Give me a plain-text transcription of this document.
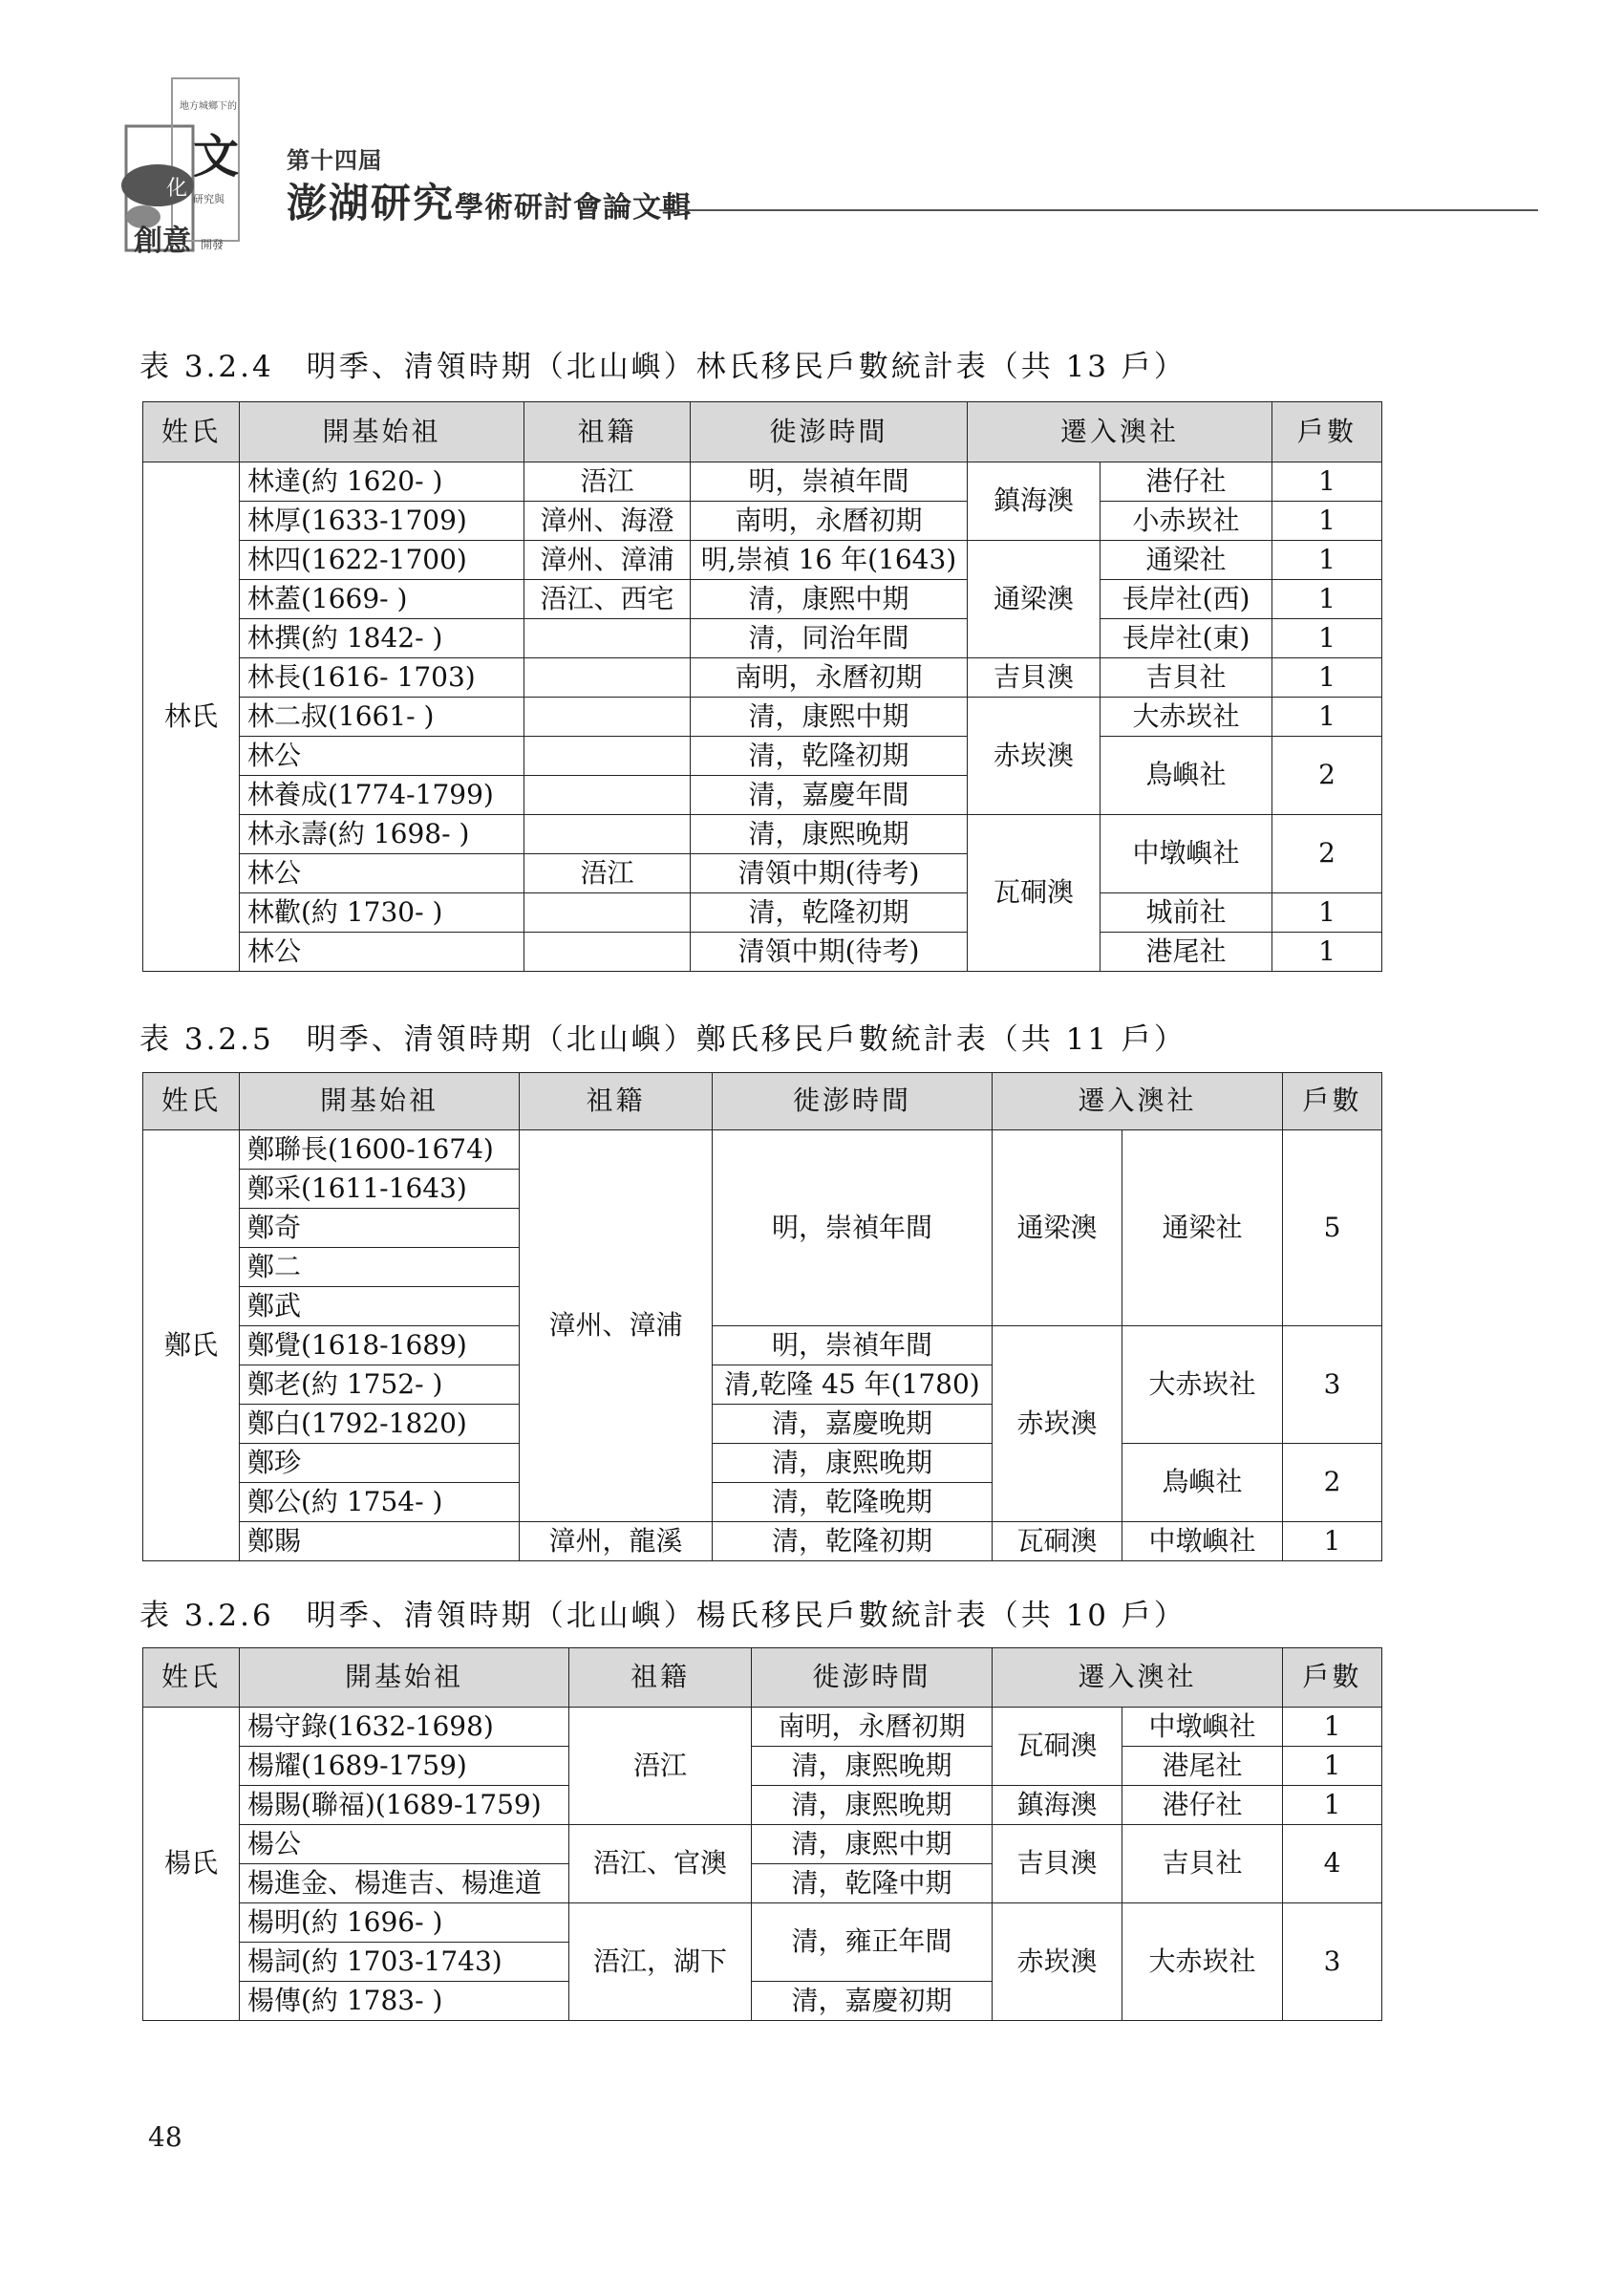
地方城鄉下的
文
化 研究與
創意 開發
第十四屆
澎湖研究學術研討會論文輯
表 3.2.4　明季、清領時期（北山嶼）林氏移民戶數統計表（共 13 戶）
姓氏	開基始祖	祖籍	徙澎時間	遷入澳社		戶數
林氏	林達(約 1620- )	浯江	明，崇禎年間	鎮海澳	港仔社	1
	林厚(1633-1709)	漳州、海澄	南明，永曆初期		小赤崁社	1
	林四(1622-1700)	漳州、漳浦	明,崇禎 16 年(1643)	通梁澳	通梁社	1
	林蓋(1669- )	浯江、西宅	清，康熙中期		長岸社(西)	1
	林撰(約 1842- )		清，同治年間		長岸社(東)	1
	林長(1616- 1703)		南明，永曆初期	吉貝澳	吉貝社	1
	林二叔(1661- )		清，康熙中期	赤崁澳	大赤崁社	1
	林公		清，乾隆初期		鳥嶼社	2
	林養成(1774-1799)		清，嘉慶年間			
	林永壽(約 1698- )		清，康熙晚期	瓦硐澳	中墩嶼社	2
	林公	浯江	清領中期(待考)			
	林歡(約 1730- )		清，乾隆初期		城前社	1
	林公		清領中期(待考)		港尾社	1
表 3.2.5　明季、清領時期（北山嶼）鄭氏移民戶數統計表（共 11 戶）
姓氏	開基始祖	祖籍	徙澎時間	遷入澳社		戶數
鄭氏	鄭聯長(1600-1674)	漳州、漳浦	明，崇禎年間	通梁澳	通梁社	5
	鄭采(1611-1643)					
	鄭奇					
	鄭二					
	鄭武					
	鄭覺(1618-1689)		明，崇禎年間	赤崁澳	大赤崁社	3
	鄭老(約 1752- )		清,乾隆 45 年(1780)			
	鄭白(1792-1820)		清，嘉慶晚期			
	鄭珍		清，康熙晚期		鳥嶼社	2
	鄭公(約 1754- )		清，乾隆晚期			
	鄭賜	漳州，龍溪	清，乾隆初期	瓦硐澳	中墩嶼社	1
表 3.2.6　明季、清領時期（北山嶼）楊氏移民戶數統計表（共 10 戶）
姓氏	開基始祖	祖籍	徙澎時間	遷入澳社		戶數
楊氏	楊守錄(1632-1698)	浯江	南明，永曆初期	瓦硐澳	中墩嶼社	1
	楊耀(1689-1759)		清，康熙晚期		港尾社	1
	楊賜(聯福)(1689-1759)		清，康熙晚期	鎮海澳	港仔社	1
	楊公	浯江、官澳	清，康熙中期	吉貝澳	吉貝社	4
	楊進金、楊進吉、楊進道		清，乾隆中期			
	楊明(約 1696- )	浯江，湖下	清，雍正年間	赤崁澳	大赤崁社	3
	楊詞(約 1703-1743)					
	楊傳(約 1783- )		清，嘉慶初期			
48
